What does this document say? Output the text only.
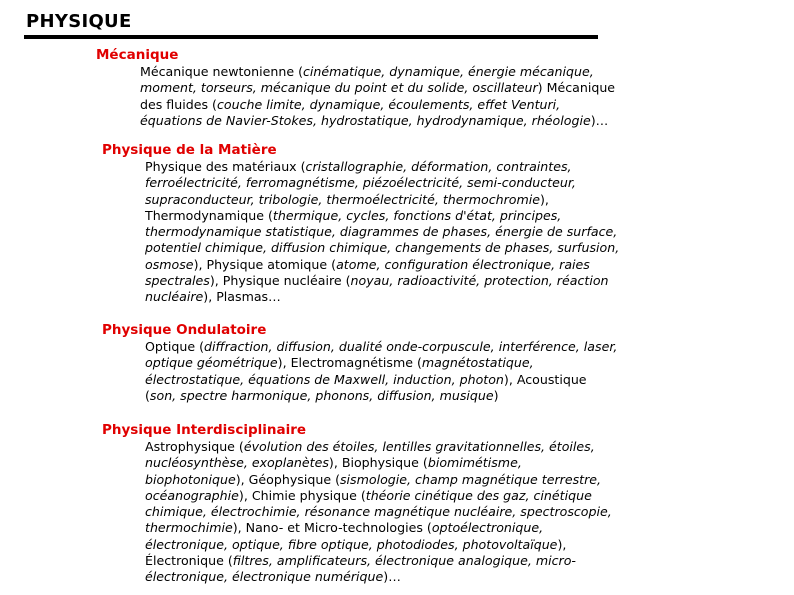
PHYSIQUE
Mécanique
Mécanique newtonienne (cinématique, dynamique, énergie mécanique,
moment, torseurs, mécanique du point et du solide, oscillateur) Mécanique
des fluides (couche limite, dynamique, écoulements, effet Venturi,
équations de Navier-Stokes, hydrostatique, hydrodynamique, rhéologie)…
Physique de la Matière
Physique des matériaux (cristallographie, déformation, contraintes,
ferroélectricité, ferromagnétisme, piézoélectricité, semi-conducteur,
supraconducteur, tribologie, thermoélectricité, thermochromie),
Thermodynamique (thermique, cycles, fonctions d'état, principes,
thermodynamique statistique, diagrammes de phases, énergie de surface,
potentiel chimique, diffusion chimique, changements de phases, surfusion,
osmose), Physique atomique (atome, configuration électronique, raies
spectrales), Physique nucléaire (noyau, radioactivité, protection, réaction
nucléaire), Plasmas…
Physique Ondulatoire
Optique (diffraction, diffusion, dualité onde-corpuscule, interférence, laser,
optique géométrique), Electromagnétisme (magnétostatique,
électrostatique, équations de Maxwell, induction, photon), Acoustique
(son, spectre harmonique, phonons, diffusion, musique)
Physique Interdisciplinaire
Astrophysique (évolution des étoiles, lentilles gravitationnelles, étoiles,
nucléosynthèse, exoplanètes), Biophysique (biomimétisme,
biophotonique), Géophysique (sismologie, champ magnétique terrestre,
océanographie), Chimie physique (théorie cinétique des gaz, cinétique
chimique, électrochimie, résonance magnétique nucléaire, spectroscopie,
thermochimie), Nano- et Micro-technologies (optoélectronique,
électronique, optique, fibre optique, photodiodes, photovoltaïque),
Électronique (filtres, amplificateurs, électronique analogique, micro-
électronique, électronique numérique)…
